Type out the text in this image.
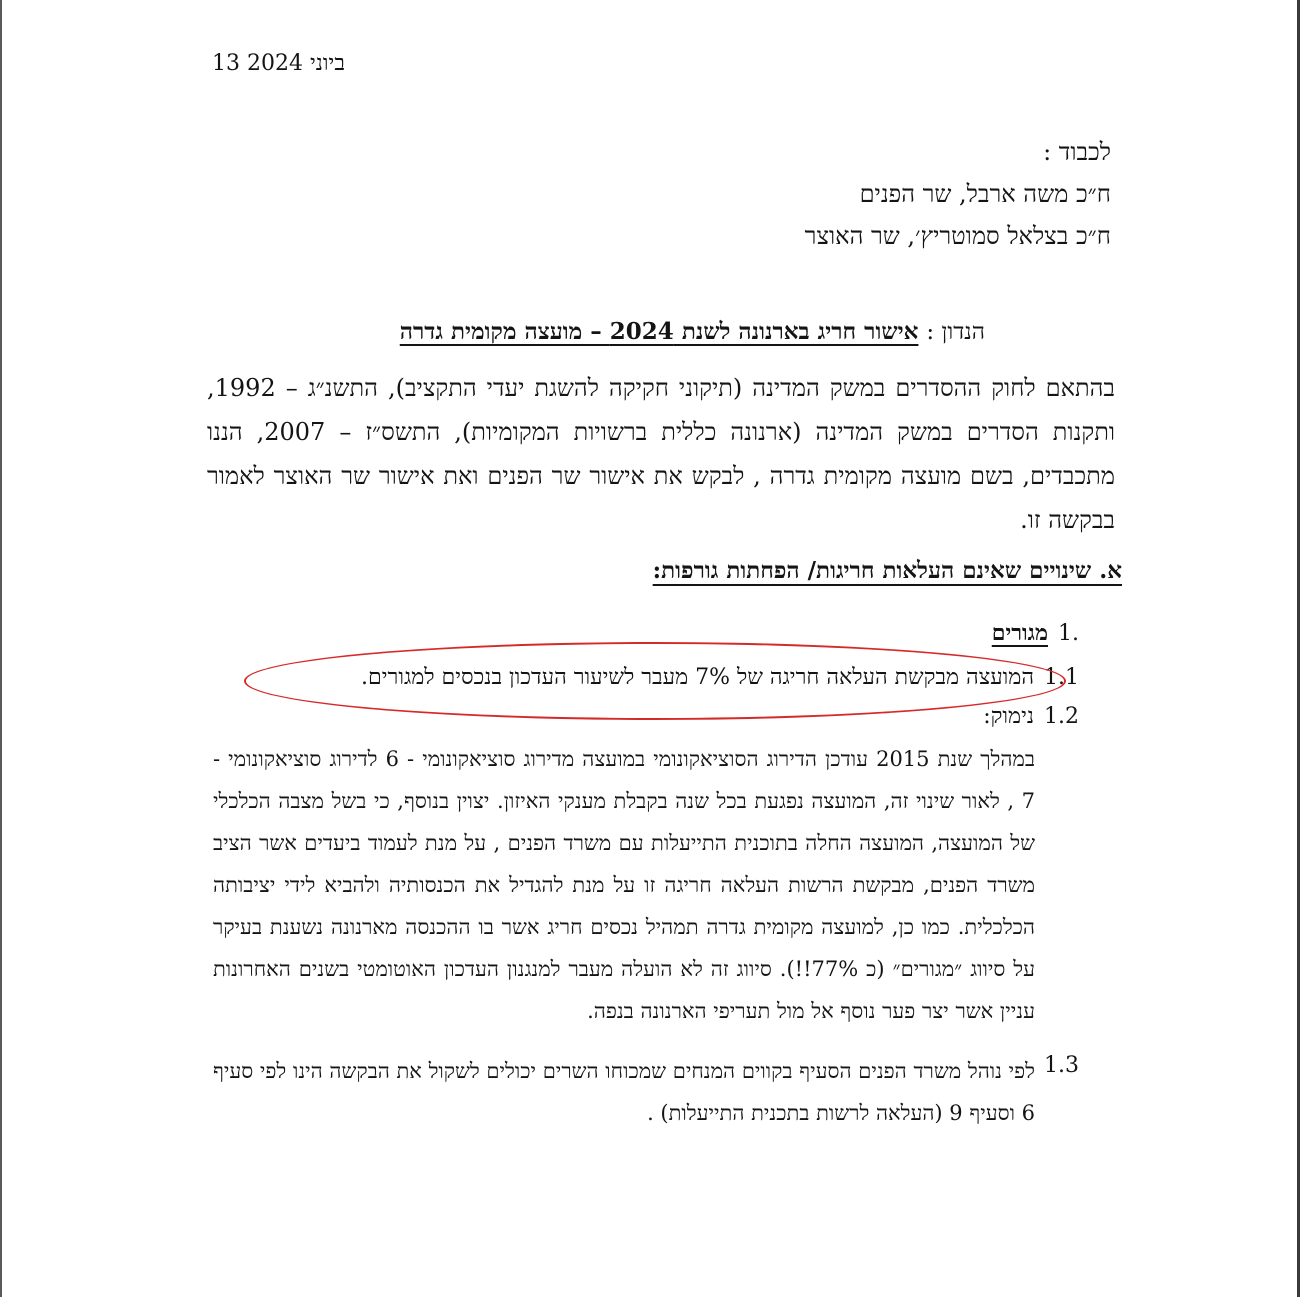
13 ביוני 2024
לכבוד :
ח״כ משה ארבל, שר הפנים
ח״כ בצלאל סמוטריץ׳, שר האוצר
הנדון :אישור חריג בארנונה לשנת 2024 – מועצה מקומית גדרה
בהתאם לחוק ההסדרים במשק המדינה (תיקוני חקיקה להשגת יעדי התקציב), התשנ״ג – 1992, ותקנות הסדרים במשק המדינה (ארנונה כללית ברשויות המקומיות), התשס״ז – 2007, הננו מתכבדים, בשם מועצה מקומית גדרה , לבקש את אישור שר הפנים ואת אישור שר האוצר לאמור בבקשה זו.
א. שינויים שאינם העלאות חריגות/ הפחתות גורפות:
1.מגורים
1.1המועצה מבקשת העלאה חריגה של 7% מעבר לשיעור העדכון בנכסים למגורים.
1.2נימוק:
במהלך שנת 2015 עודכן הדירוג הסוציאקונומי במועצה מדירוג סוציאקונומי - 6 לדירוג סוציאקונומי - 7 , לאור שינוי זה, המועצה נפגעת בכל שנה בקבלת מענקי האיזון. יצוין בנוסף, כי בשל מצבה הכלכלי של המועצה, המועצה החלה בתוכנית התייעלות עם משרד הפנים , על מנת לעמוד ביעדים אשר הציב משרד הפנים, מבקשת הרשות העלאה חריגה זו על מנת להגדיל את הכנסותיה ולהביא לידי יציבותה הכלכלית. כמו כן, למועצה מקומית גדרה תמהיל נכסים חריג אשר בו ההכנסה מארנונה נשענת בעיקר על סיווג ״מגורים״ (כ 77%!!). סיווג זה לא הועלה מעבר למנגנון העדכון האוטומטי בשנים האחרונות עניין אשר יצר פער נוסף אל מול תעריפי הארנונה בנפה.
1.3
לפי נוהל משרד הפנים הסעיף בקווים המנחים שמכוחו השרים יכולים לשקול את הבקשה הינו לפי סעיף 6 וסעיף 9 (העלאה לרשות בתכנית התייעלות) .
